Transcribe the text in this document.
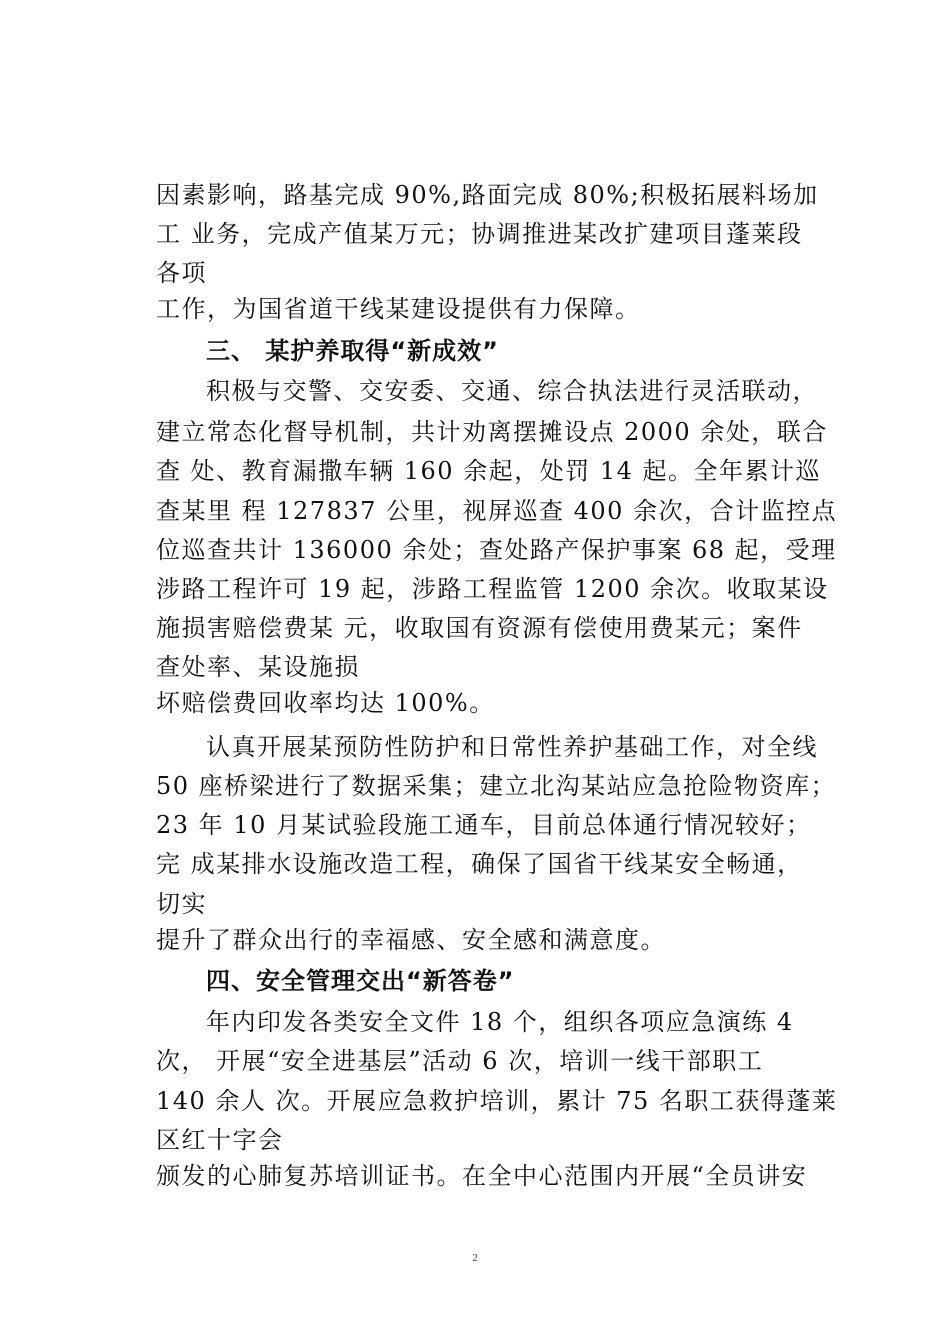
因素影响，路基完成 90%,路面完成 80%;积极拓展料场加
工 业务，完成产值某万元；协调推进某改扩建项目蓬莱段
各项
工作，为国省道干线某建设提供有力保障。
三、 某护养取得“新成效”
积极与交警、交安委、交通、综合执法进行灵活联动，
建立常态化督导机制，共计劝离摆摊设点 2000 余处，联合
查 处、教育漏撒车辆 160 余起，处罚 14 起。全年累计巡
查某里 程 127837 公里，视屏巡查 400 余次，合计监控点
位巡查共计 136000 余处；查处路产保护事案 68 起，受理
涉路工程许可 19 起，涉路工程监管 1200 余次。收取某设
施损害赔偿费某 元，收取国有资源有偿使用费某元；案件
查处率、某设施损
坏赔偿费回收率均达 100%。
认真开展某预防性防护和日常性养护基础工作，对全线
50 座桥梁进行了数据采集；建立北沟某站应急抢险物资库；
23 年 10 月某试验段施工通车，目前总体通行情况较好；
完 成某排水设施改造工程，确保了国省干线某安全畅通，
切实
提升了群众出行的幸福感、安全感和满意度。
四、安全管理交出“新答卷”
年内印发各类安全文件 18 个，组织各项应急演练 4
次， 开展“安全进基层”活动 6 次，培训一线干部职工
140 余人 次。开展应急救护培训，累计 75 名职工获得蓬莱
区红十字会
颁发的心肺复苏培训证书。在全中心范围内开展“全员讲安
2
